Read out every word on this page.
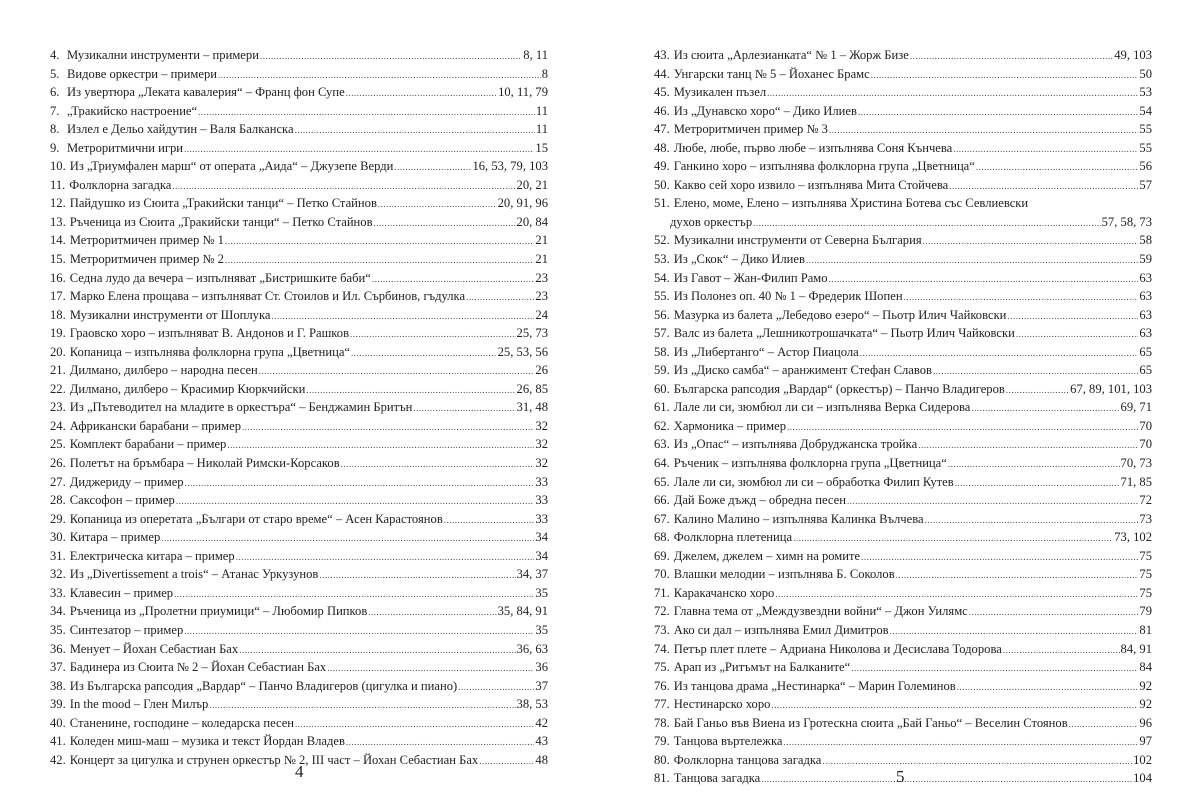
4. Музикални инструменти – примери .....	8, 11
5. Видове оркестри – примери .....	8
6. Из увертюра „Леката кавалерия“ – Франц фон Супе .....	10, 11, 79
7. „Тракийско настроение“ .....	11
8. Излел е Дельо хайдутин – Валя Балканска .....	11
9. Метроритмични игри .....	15
10. Из „Триумфален марш“ от операта „Аида“ – Джузепе Верди .....	16, 53, 79, 103
11. Фолклорна загадка .....	20, 21
12. Пайдушко из Сюита „Тракийски танци“ – Петко Стайнов .....	20, 91, 96
13. Ръченица из Сюита „Тракийски танци“ – Петко Стайнов .....	20, 84
14. Метроритмичен пример № 1 .....	21
15. Метроритмичен пример № 2 .....	21
16. Седна лудо да вечера – изпълняват „Бистришките баби“ .....	23
17. Марко Елена прощава – изпълняват Ст. Стоилов и Ил. Сърбинов, гъдулка .....	23
18. Музикални инструменти от Шоплука .....	24
19. Граовско хоро – изпълняват В. Андонов и Г. Рашков .....	25, 73
20. Копаница – изпълнява фолклорна група „Цветница“ .....	25, 53, 56
21. Дилмано, дилберо – народна песен .....	26
22. Дилмано, дилберо – Красимир Кюркчийски .....	26, 85
23. Из „Пътеводител на младите в оркестъра“ – Бенджамин Бритън .....	31, 48
24. Африкански барабани – пример .....	32
25. Комплект барабани – пример .....	32
26. Полетът на бръмбара – Николай Римски-Корсаков .....	32
27. Диджериду – пример .....	33
28. Саксофон – пример .....	33
29. Копаница из оперетата „Българи от старо време“ – Асен Карастоянов .....	33
30. Китара – пример .....	34
31. Електрическа китара – пример .....	34
32. Из „Divertissement a trois“ – Атанас Уркузунов .....	34, 37
33. Клавесин – пример .....	35
34. Ръченица из „Пролетни приумици“ – Любомир Пипков .....	35, 84, 91
35. Синтезатор – пример .....	35
36. Менует – Йохан Себастиан Бах .....	36, 63
37. Бадинера из Сюита № 2 – Йохан Себастиан Бах .....	36
38. Из Българска рапсодия „Вардар“ – Панчо Владигеров (цигулка и пиано) .....	37
39. In the mood – Глен Милър .....	38, 53
40. Станенине, господине – коледарска песен .....	42
41. Коледен миш-маш – музика и текст Йордан Владев .....	43
42. Концерт за цигулка и струнен оркестър № 2, III част – Йохан Себастиан Бах .....	48
4
43. Из сюита „Арлезианката“ № 1 – Жорж Бизе .....	49, 103
44. Унгарски танц № 5 – Йоханес Брамс .....	50
45. Музикален пъзел .....	53
46. Из „Дунавско хоро“ – Дико Илиев .....	54
47. Метроритмичен пример № 3 .....	55
48. Любе, любе, първо любе – изпълнява Соня Кънчева .....	55
49. Ганкино хоро – изпълнява фолклорна група „Цветница“ .....	56
50. Какво сей хоро извило – изпълнява Мита Стойчева .....	57
51. Елено, моме, Елено – изпълнява Христина Ботева със Севлиевски
духов оркестър .....	57, 58, 73
52. Музикални инструменти от Северна България .....	58
53. Из „Скок“ – Дико Илиев .....	59
54. Из Гавот – Жан-Филип Рамо .....	63
55. Из Полонез оп. 40 № 1 – Фредерик Шопен .....	63
56. Мазурка из балета „Лебедово езеро“ – Пьотр Илич Чайковски .....	63
57. Валс из балета „Лешникотрошачката“ – Пьотр Илич Чайковски .....	63
58. Из „Либертанго“ – Астор Пиацола .....	65
59. Из „Диско самба“ – аранжимент Стефан Славов .....	65
60. Българска рапсодия „Вардар“ (оркестър) – Панчо Владигеров .....	67, 89, 101, 103
61. Лале ли си, зюмбюл ли си – изпълнява Верка Сидерова .....	69, 71
62. Хармоника – пример .....	70
63. Из „Опас“ – изпълнява Добруджанска тройка .....	70
64. Ръченик – изпълнява фолклорна група „Цветница“ .....	70, 73
65. Лале ли си, зюмбюл ли си – обработка Филип Кутев .....	71, 85
66. Дай Боже дъжд – обредна песен .....	72
67. Калино Малино – изпълнява Калинка Вълчева .....	73
68. Фолклорна плетеница .....	73, 102
69. Джелем, джелем – химн на ромите .....	75
70. Влашки мелодии – изпълнява Б. Соколов .....	75
71. Каракачанско хоро .....	75
72. Главна тема от „Междузвездни войни“ – Джон Уилямс .....	79
73. Ако си дал – изпълнява Емил Димитров .....	81
74. Петър плет плете – Адриана Николова и Десислава Тодорова .....	84, 91
75. Арап из „Ритъмът на Балканите“ .....	84
76. Из танцова драма „Нестинарка“ – Марин Големинов .....	92
77. Нестинарско хоро .....	92
78. Бай Ганьо във Виена из Гротескна сюита „Бай Ганьо“ – Веселин Стоянов .....	96
79. Танцова въртележка .....	97
80. Фолклорна танцова загадка .....	102
81. Танцова загадка .....	104
5
